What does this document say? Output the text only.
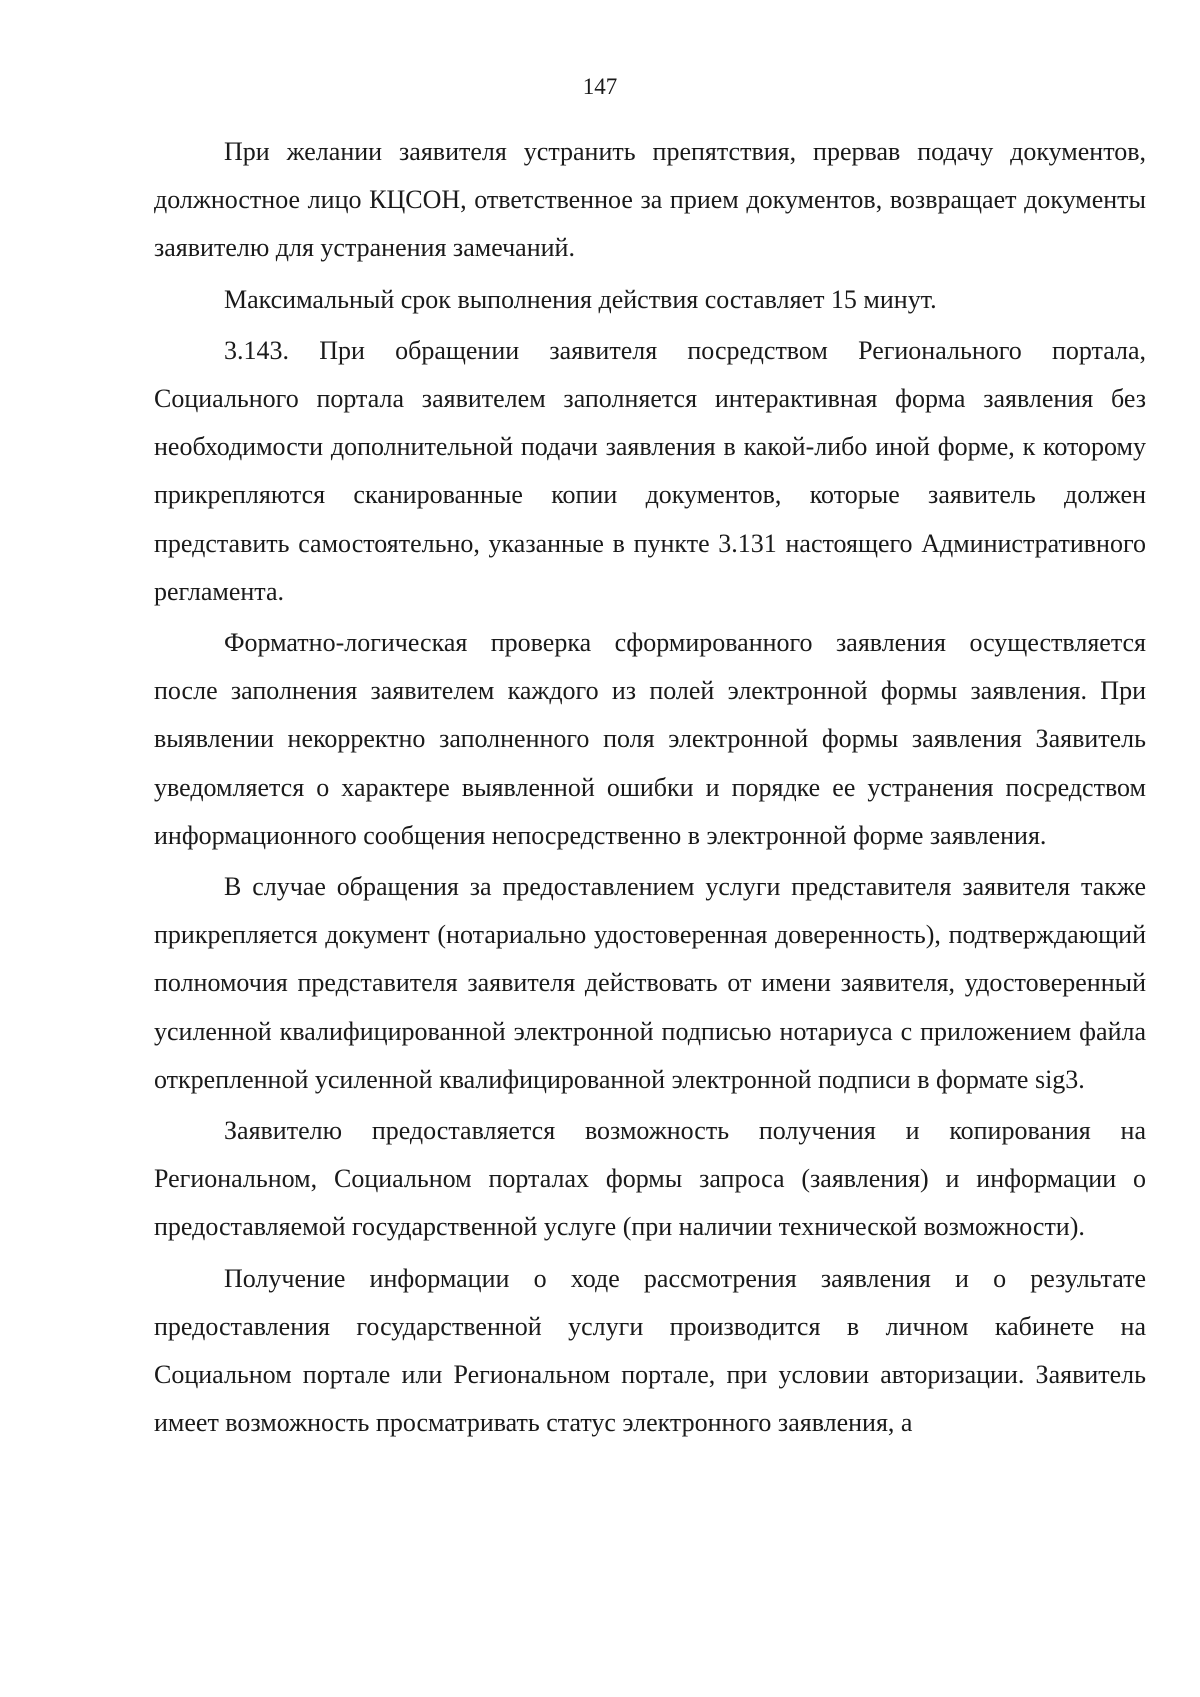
147

При желании заявителя устранить препятствия, прервав подачу документов, должностное лицо КЦСОН, ответственное за прием документов, возвращает документы заявителю для устранения замечаний.

Максимальный срок выполнения действия составляет 15 минут.

3.143. При обращении заявителя посредством Регионального портала, Социального портала заявителем заполняется интерактивная форма заявления без необходимости дополнительной подачи заявления в какой-либо иной форме, к которому прикрепляются сканированные копии документов, которые заявитель должен представить самостоятельно, указанные в пункте 3.131 настоящего Административного регламента.

Форматно-логическая проверка сформированного заявления осуществляется после заполнения заявителем каждого из полей электронной формы заявления. При выявлении некорректно заполненного поля электронной формы заявления Заявитель уведомляется о характере выявленной ошибки и порядке ее устранения посредством информационного сообщения непосредственно в электронной форме заявления.

В случае обращения за предоставлением услуги представителя заявителя также прикрепляется документ (нотариально удостоверенная доверенность), подтверждающий полномочия представителя заявителя действовать от имени заявителя, удостоверенный усиленной квалифицированной электронной подписью нотариуса с приложением файла открепленной усиленной квалифицированной электронной подписи в формате sig3.

Заявителю предоставляется возможность получения и копирования на Региональном, Социальном порталах формы запроса (заявления) и информации о предоставляемой государственной услуге (при наличии технической возможности).

Получение информации о ходе рассмотрения заявления и о результате предоставления государственной услуги производится в личном кабинете на Социальном портале или Региональном портале, при условии авторизации. Заявитель имеет возможность просматривать статус электронного заявления, а
